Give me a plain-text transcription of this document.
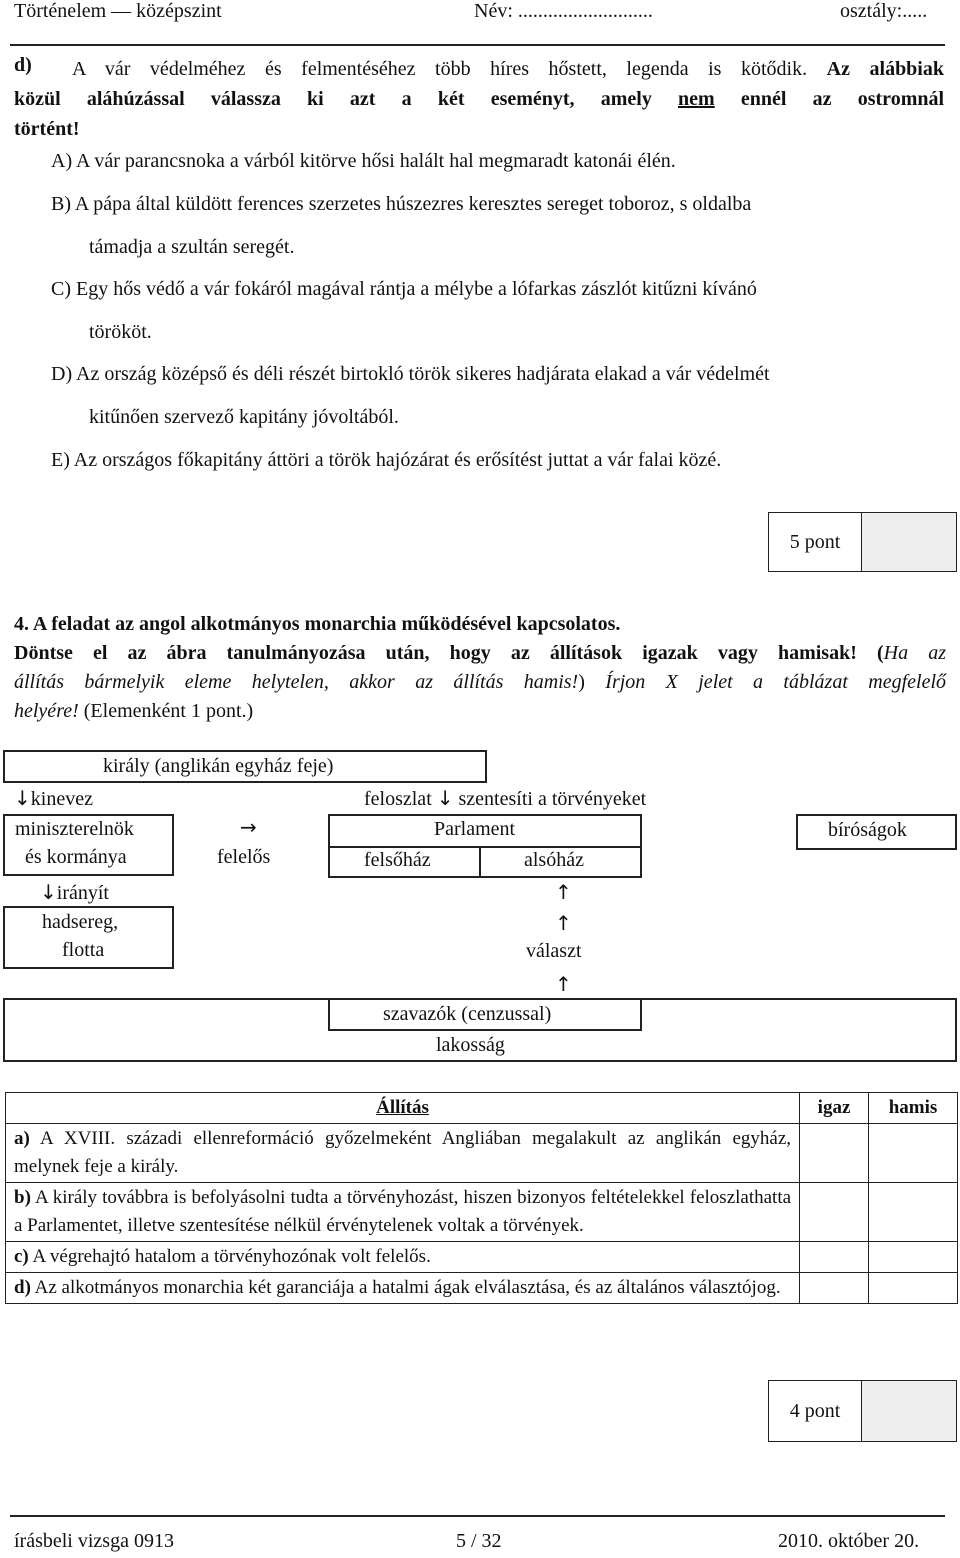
Történelem — középszint	Név: ...........................	osztály:.....
d)	A vár védelméhez és felmentéséhez több híres hőstett, legenda is kötődik. Az alábbiak
közül aláhúzással válassza ki azt a két eseményt, amely nem ennél az ostromnál
történt!
A) A vár parancsnoka a várból kitörve hősi halált hal megmaradt katonái élén.
B) A pápa által küldött ferences szerzetes húszezres keresztes sereget toboroz, s oldalba
támadja a szultán seregét.
C) Egy hős védő a vár fokáról magával rántja a mélybe a lófarkas zászlót kitűzni kívánó
törököt.
D) Az ország középső és déli részét birtokló török sikeres hadjárata elakad a vár védelmét
kitűnően szervező kapitány jóvoltából.
E) Az országos főkapitány áttöri a török hajózárat és erősítést juttat a vár falai közé.
5 pont
4. A feladat az angol alkotmányos monarchia működésével kapcsolatos.
Döntse el az ábra tanulmányozása után, hogy az állítások igazak vagy hamisak! (Ha az
állítás bármelyik eleme helytelen, akkor az állítás hamis!) Írjon X jelet a táblázat megfelelő
helyére! (Elemenként 1 pont.)
király (anglikán egyház feje)
↓kinevez	feloszlat ↓ szentesíti a törvényeket
miniszterelnök
és kormánya
→
felelős
Parlament
felsőház	alsóház
bíróságok
↓irányít
hadsereg,
flotta
↑
↑
választ
↑
szavazók (cenzussal)
lakosság
Állítás	igaz	hamis
a) A XVIII. századi ellenreformáció győzelmeként Angliában megalakult az anglikán egyház, melynek feje a király.		
b) A király továbbra is befolyásolni tudta a törvényhozást, hiszen bizonyos feltételekkel feloszlathatta a Parlamentet, illetve szentesítése nélkül érvénytelenek voltak a törvények.		
c) A végrehajtó hatalom a törvényhozónak volt felelős.		
d) Az alkotmányos monarchia két garanciája a hatalmi ágak elválasztása, és az általános választójog.		
4 pont
írásbeli vizsga 0913	5 / 32	2010. október 20.
